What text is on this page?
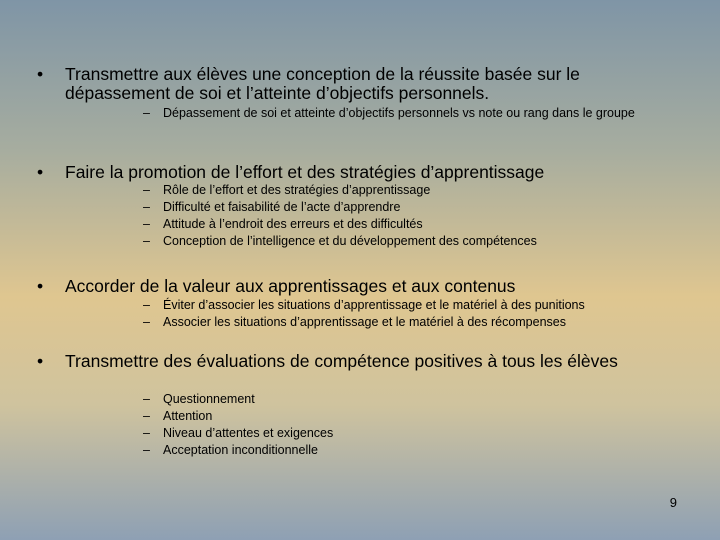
• Transmettre aux élèves une conception de la réussite basée sur le dépassement de soi et l’atteinte d’objectifs personnels.
– Dépassement de soi et atteinte d’objectifs personnels vs note ou rang dans le groupe
• Faire la promotion de l’effort et des stratégies d’apprentissage
– Rôle de l’effort et des stratégies d’apprentissage
– Difficulté et faisabilité de l’acte d’apprendre
– Attitude à l’endroit des erreurs et des difficultés
– Conception de l’intelligence et du développement des compétences
• Accorder de la valeur aux apprentissages et aux contenus
– Éviter d’associer les situations d’apprentissage et le matériel à des punitions
– Associer les situations d’apprentissage et le matériel à des récompenses
• Transmettre des évaluations de compétence positives à tous les élèves
– Questionnement
– Attention
– Niveau d’attentes et exigences
– Acceptation inconditionnelle
9
